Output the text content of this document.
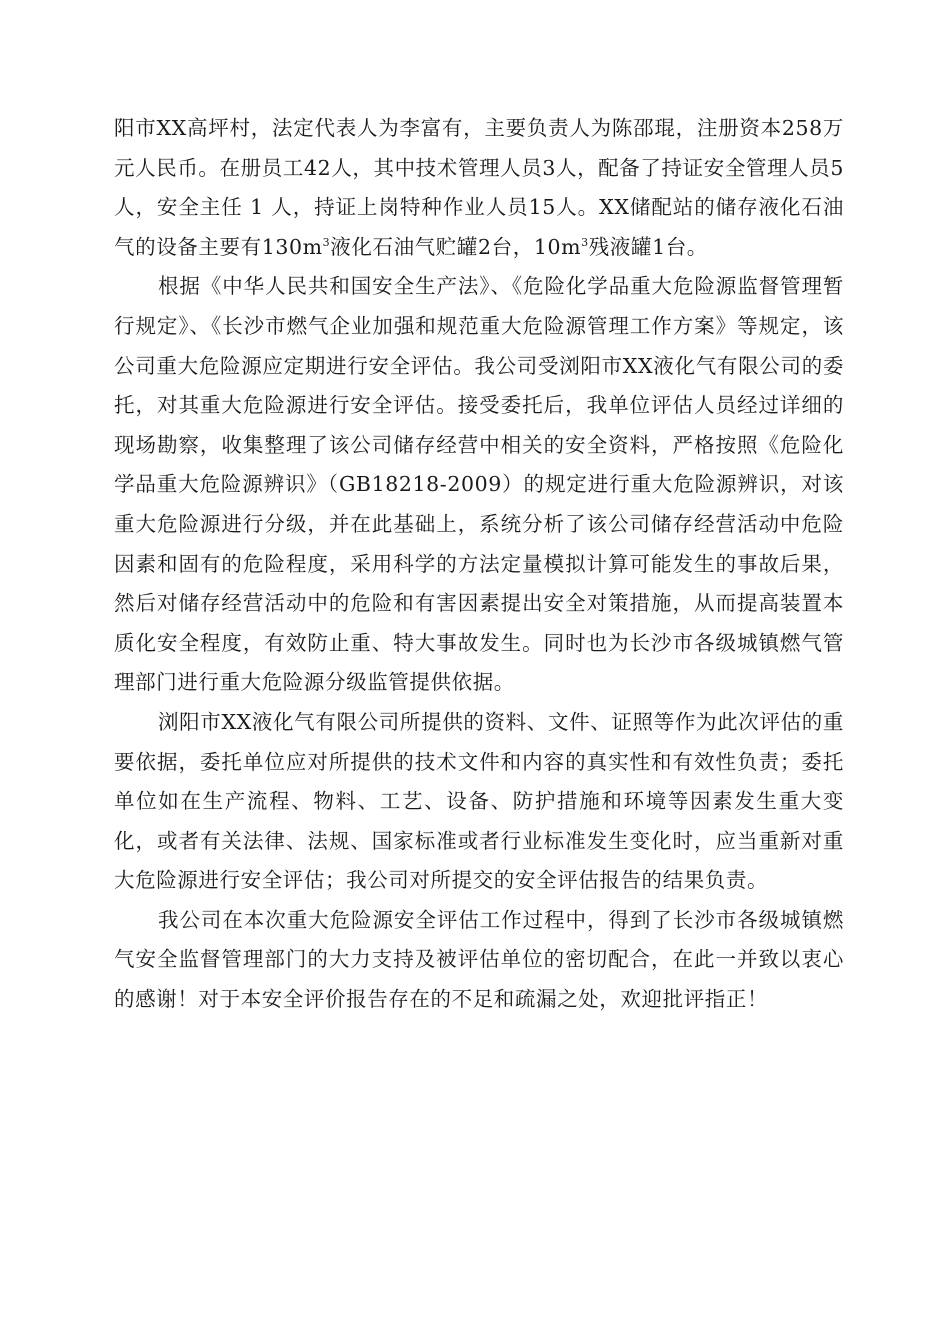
阳市XX高坪村，法定代表人为李富有，主要负责人为陈邵琨，注册资本258万元人民币。在册员工42人，其中技术管理人员3人，配备了持证安全管理人员5人，安全主任 1 人，持证上岗特种作业人员15人。XX储配站的储存液化石油气的设备主要有$130m^3$液化石油气贮罐2台，$10m^3$残液罐1台。

根据《中华人民共和国安全生产法》、《危险化学品重大危险源监督管理暂行规定》、《长沙市燃气企业加强和规范重大危险源管理工作方案》等规定，该公司重大危险源应定期进行安全评估。我公司受浏阳市XX液化气有限公司的委托，对其重大危险源进行安全评估。接受委托后，我单位评估人员经过详细的现场勘察，收集整理了该公司储存经营中相关的安全资料，严格按照《危险化学品重大危险源辨识》（GB18218-2009）的规定进行重大危险源辨识，对该重大危险源进行分级，并在此基础上，系统分析了该公司储存经营活动中危险因素和固有的危险程度，采用科学的方法定量模拟计算可能发生的事故后果，然后对储存经营活动中的危险和有害因素提出安全对策措施，从而提高装置本质化安全程度，有效防止重、特大事故发生。同时也为长沙市各级城镇燃气管理部门进行重大危险源分级监管提供依据。

浏阳市XX液化气有限公司所提供的资料、文件、证照等作为此次评估的重要依据，委托单位应对所提供的技术文件和内容的真实性和有效性负责；委托单位如在生产流程、物料、工艺、设备、防护措施和环境等因素发生重大变化，或者有关法律、法规、国家标准或者行业标准发生变化时，应当重新对重大危险源进行安全评估；我公司对所提交的安全评估报告的结果负责。

我公司在本次重大危险源安全评估工作过程中，得到了长沙市各级城镇燃气安全监督管理部门的大力支持及被评估单位的密切配合，在此一并致以衷心的感谢！对于本安全评价报告存在的不足和疏漏之处，欢迎批评指正！
